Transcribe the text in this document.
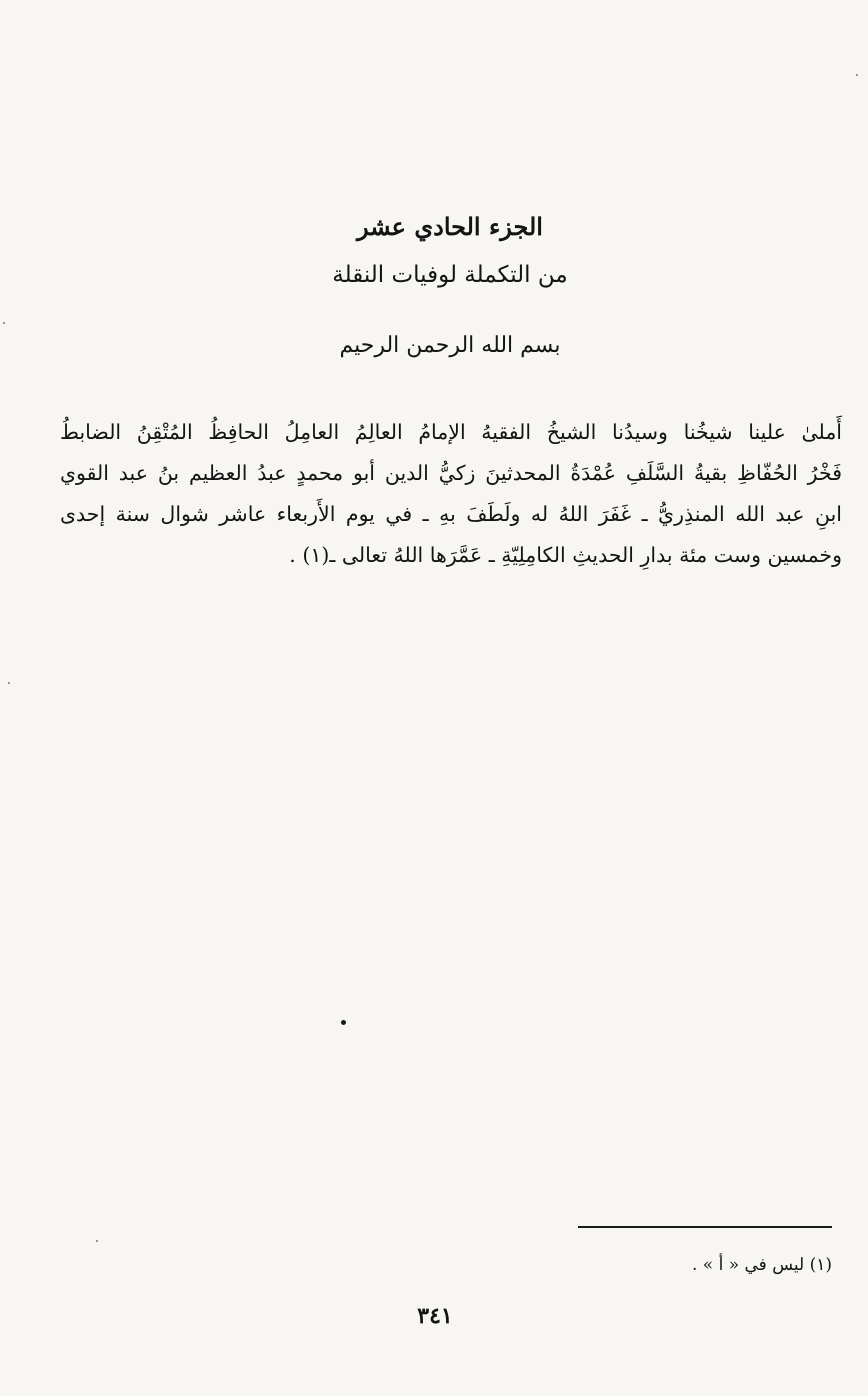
الجزء الحادي عشر
من التكملة لوفيات النقلة
بسم الله الرحمن الرحيم
أَملىٰ علينا شيخُنا وسيدُنا الشيخُ الفقيهُ الإمامُ العالِمُ العامِلُ الحافِظُ المُتْقِنُ الضابطُ
فَخْرُ الحُفّاظِ بقيةُ السَّلَفِ عُمْدَةُ المحدثينَ زكيُّ الدين أبو محمدٍ عبدُ العظيم بنُ عبد القوي
ابنِ عبد الله المنذِريُّ ـ غَفَرَ اللهُ له ولَطَفَ بهِ ـ في يوم الأَربعاء عاشر شوال سنة إحدى
وخمسين وست مئة بدارِ الحديثِ الكامِلِيّةِ ـ عَمَّرَها اللهُ تعالى ـ(١) .
(١) ليس في « أ » .
٣٤١
